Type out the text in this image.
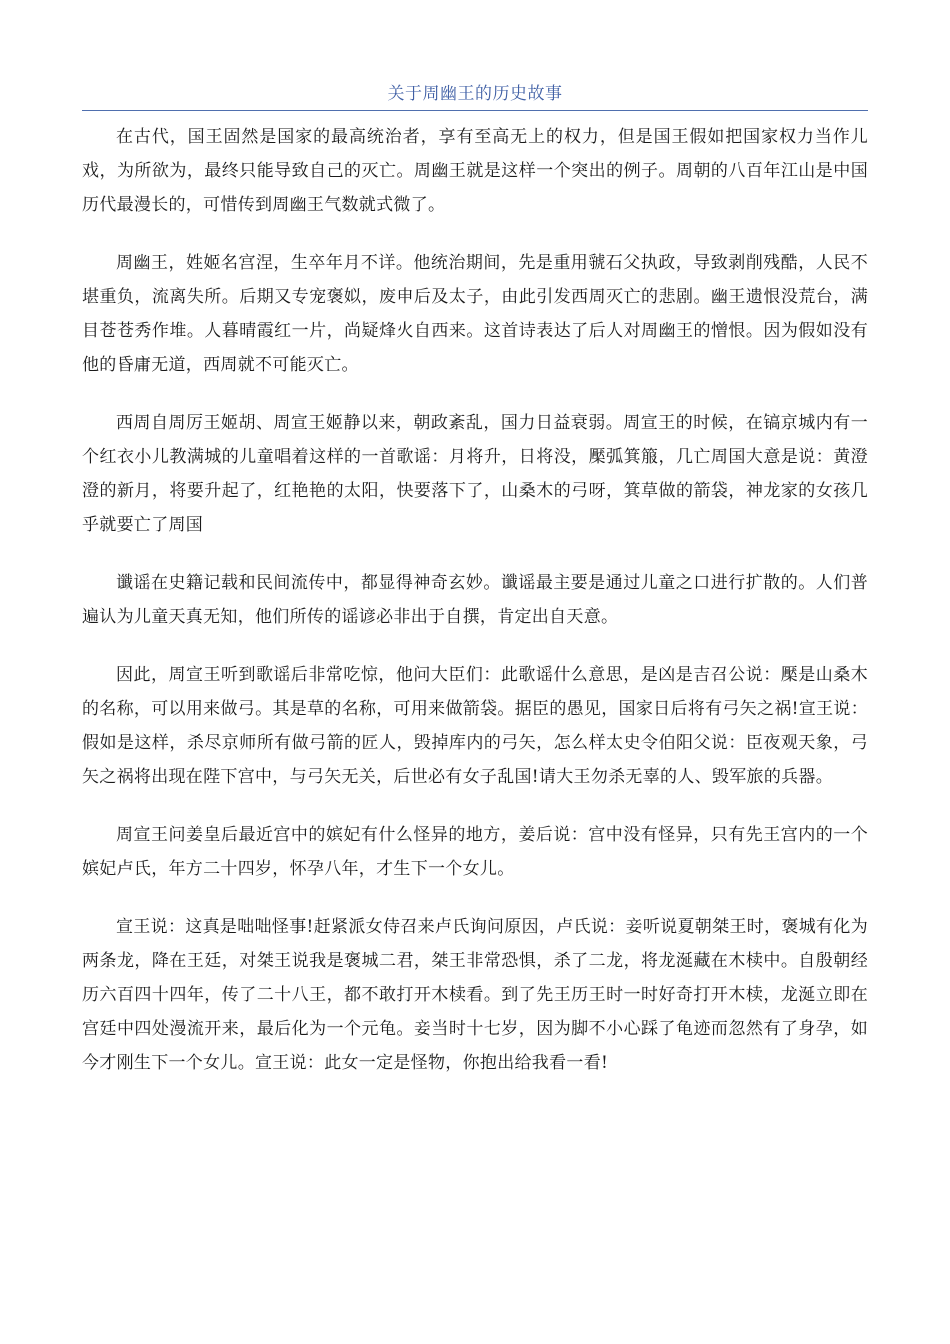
关于周幽王的历史故事

在古代，国王固然是国家的最高统治者，享有至高无上的权力，但是国王假如把国家权力当作儿戏，为所欲为，最终只能导致自己的灭亡。周幽王就是这样一个突出的例子。周朝的八百年江山是中国历代最漫长的，可惜传到周幽王气数就式微了。

周幽王，姓姬名宫涅，生卒年月不详。他统治期间，先是重用虢石父执政，导致剥削残酷，人民不堪重负，流离失所。后期又专宠褒姒，废申后及太子，由此引发西周灭亡的悲剧。幽王遗恨没荒台，满目苍苍秀作堆。人暮晴霞红一片，尚疑烽火自西来。这首诗表达了后人对周幽王的憎恨。因为假如没有他的昏庸无道，西周就不可能灭亡。

西周自周厉王姬胡、周宣王姬静以来，朝政紊乱，国力日益衰弱。周宣王的时候，在镐京城内有一个红衣小儿教满城的儿童唱着这样的一首歌谣：月将升，日将没，檿弧箕箙，几亡周国大意是说：黄澄澄的新月，将要升起了，红艳艳的太阳，快要落下了，山桑木的弓呀，箕草做的箭袋，神龙家的女孩几乎就要亡了周国

谶谣在史籍记载和民间流传中，都显得神奇玄妙。谶谣最主要是通过儿童之口进行扩散的。人们普遍认为儿童天真无知，他们所传的谣谚必非出于自撰，肯定出自天意。

因此，周宣王听到歌谣后非常吃惊，他问大臣们：此歌谣什么意思，是凶是吉召公说：檿是山桑木的名称，可以用来做弓。其是草的名称，可用来做箭袋。据臣的愚见，国家日后将有弓矢之祸!宣王说：假如是这样，杀尽京师所有做弓箭的匠人，毁掉库内的弓矢，怎么样太史令伯阳父说：臣夜观天象，弓矢之祸将出现在陛下宫中，与弓矢无关，后世必有女子乱国!请大王勿杀无辜的人、毁军旅的兵器。

周宣王问姜皇后最近宫中的嫔妃有什么怪异的地方，姜后说：宫中没有怪异，只有先王宫内的一个嫔妃卢氏，年方二十四岁，怀孕八年，才生下一个女儿。

宣王说：这真是咄咄怪事!赶紧派女侍召来卢氏询问原因，卢氏说：妾听说夏朝桀王时，褒城有化为两条龙，降在王廷，对桀王说我是褒城二君，桀王非常恐惧，杀了二龙，将龙涎藏在木椟中。自殷朝经历六百四十四年，传了二十八王，都不敢打开木椟看。到了先王历王时一时好奇打开木椟，龙涎立即在宫廷中四处漫流开来，最后化为一个元龟。妾当时十七岁，因为脚不小心踩了龟迹而忽然有了身孕，如今才刚生下一个女儿。宣王说：此女一定是怪物，你抱出给我看一看!
